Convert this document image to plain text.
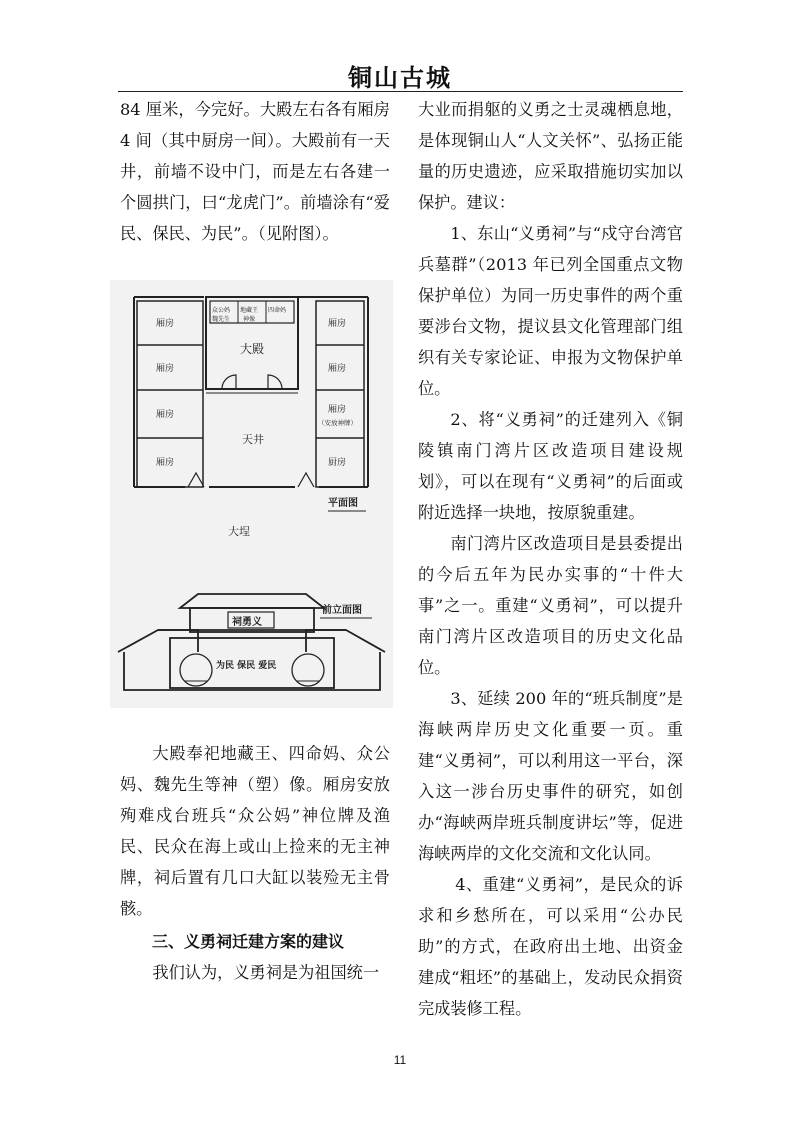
铜山古城

84 厘米，今完好。大殿左右各有厢房 4 间（其中厨房一间）。大殿前有一天井，前墙不设中门，而是左右各建一个圆拱门，曰“龙虎门”。前墙涂有“爱民、保民、为民”。（见附图）。

大殿
天井
大埕
平面图
前立面图
众公妈 地藏王 四命妈
魏先生 神像
厢房
厢房
厢房
厢房
厢房
厢房
厢房
（安放神牌）
厨房
祠勇义
为民 保民 爱民

大殿奉祀地藏王、四命妈、众公妈、魏先生等神（塑）像。厢房安放殉难戍台班兵“众公妈”神位牌及渔民、民众在海上或山上捡来的无主神牌，祠后置有几口大缸以装殓无主骨骸。

三、义勇祠迁建方案的建议

我们认为，义勇祠是为祖国统一

大业而捐躯的义勇之士灵魂栖息地，是体现铜山人“人文关怀”、弘扬正能量的历史遗迹，应采取措施切实加以保护。建议：

1、东山“义勇祠”与“戍守台湾官兵墓群”（2013 年已列全国重点文物保护单位）为同一历史事件的两个重要涉台文物，提议县文化管理部门组织有关专家论证、申报为文物保护单位。

2、将“义勇祠”的迁建列入《铜陵镇南门湾片区改造项目建设规划》，可以在现有“义勇祠”的后面或附近选择一块地，按原貌重建。

南门湾片区改造项目是县委提出的今后五年为民办实事的“十件大事”之一。重建“义勇祠”，可以提升南门湾片区改造项目的历史文化品位。

3、延续 200 年的“班兵制度”是海峡两岸历史文化重要一页。重建“义勇祠”，可以利用这一平台，深入这一涉台历史事件的研究，如创办“海峡两岸班兵制度讲坛”等，促进海峡两岸的文化交流和文化认同。

4、重建“义勇祠”，是民众的诉求和乡愁所在，可以采用“公办民助”的方式，在政府出土地、出资金建成“粗坯”的基础上，发动民众捐资完成装修工程。

11
